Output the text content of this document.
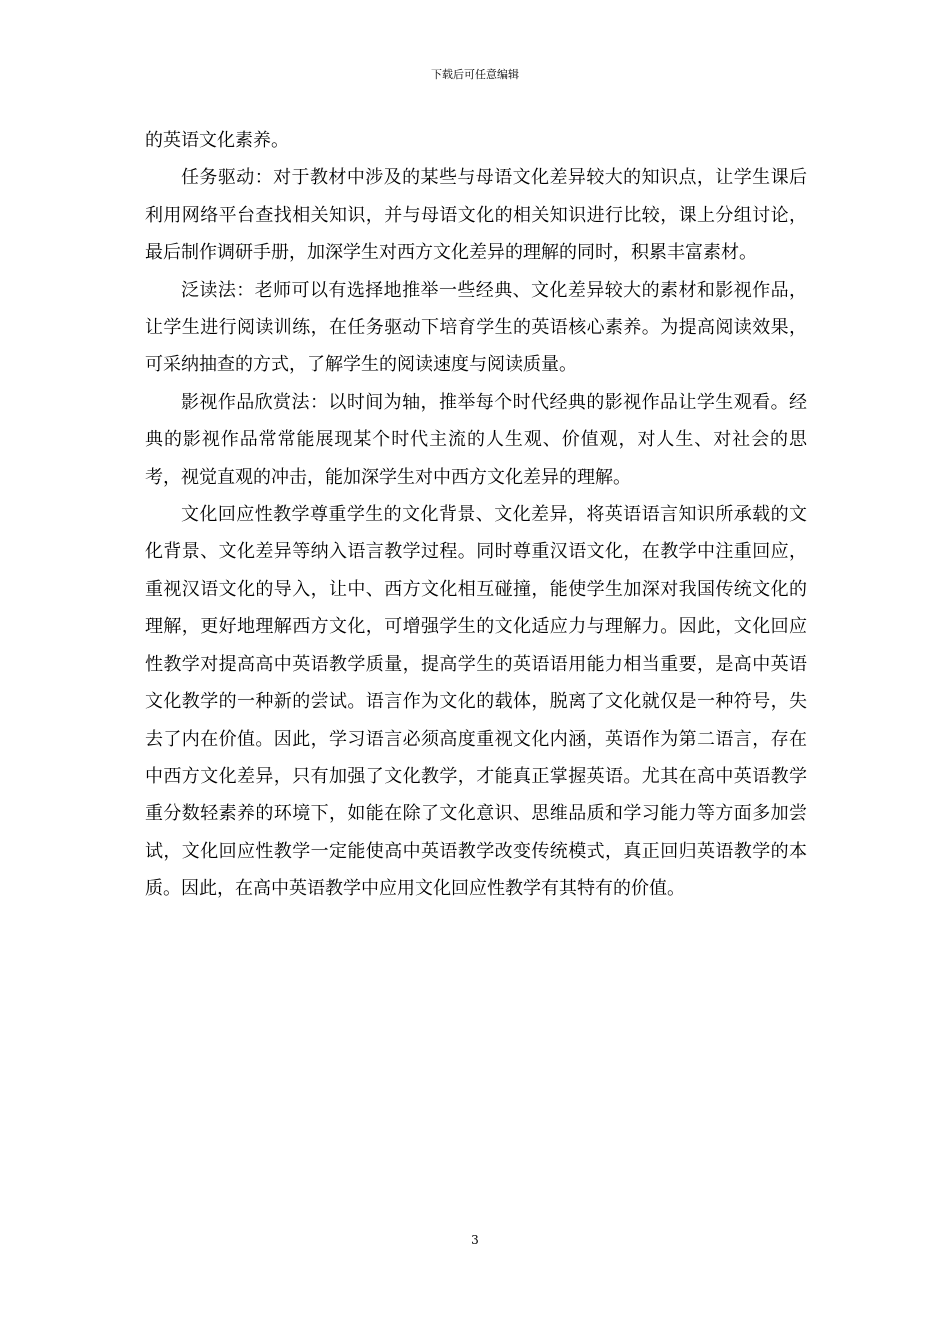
下载后可任意编辑

的英语文化素养。

任务驱动：对于教材中涉及的某些与母语文化差异较大的知识点，让学生课后利用网络平台查找相关知识，并与母语文化的相关知识进行比较，课上分组讨论，最后制作调研手册，加深学生对西方文化差异的理解的同时，积累丰富素材。

泛读法：老师可以有选择地推举一些经典、文化差异较大的素材和影视作品，让学生进行阅读训练，在任务驱动下培育学生的英语核心素养。为提高阅读效果，可采纳抽查的方式，了解学生的阅读速度与阅读质量。

影视作品欣赏法：以时间为轴，推举每个时代经典的影视作品让学生观看。经典的影视作品常常能展现某个时代主流的人生观、价值观，对人生、对社会的思考，视觉直观的冲击，能加深学生对中西方文化差异的理解。

文化回应性教学尊重学生的文化背景、文化差异，将英语语言知识所承载的文化背景、文化差异等纳入语言教学过程。同时尊重汉语文化，在教学中注重回应，重视汉语文化的导入，让中、西方文化相互碰撞，能使学生加深对我国传统文化的理解，更好地理解西方文化，可增强学生的文化适应力与理解力。因此，文化回应性教学对提高高中英语教学质量，提高学生的英语语用能力相当重要，是高中英语文化教学的一种新的尝试。语言作为文化的载体，脱离了文化就仅是一种符号，失去了内在价值。因此，学习语言必须高度重视文化内涵，英语作为第二语言，存在中西方文化差异，只有加强了文化教学，才能真正掌握英语。尤其在高中英语教学重分数轻素养的环境下，如能在除了文化意识、思维品质和学习能力等方面多加尝试，文化回应性教学一定能使高中英语教学改变传统模式，真正回归英语教学的本质。因此，在高中英语教学中应用文化回应性教学有其特有的价值。

3
